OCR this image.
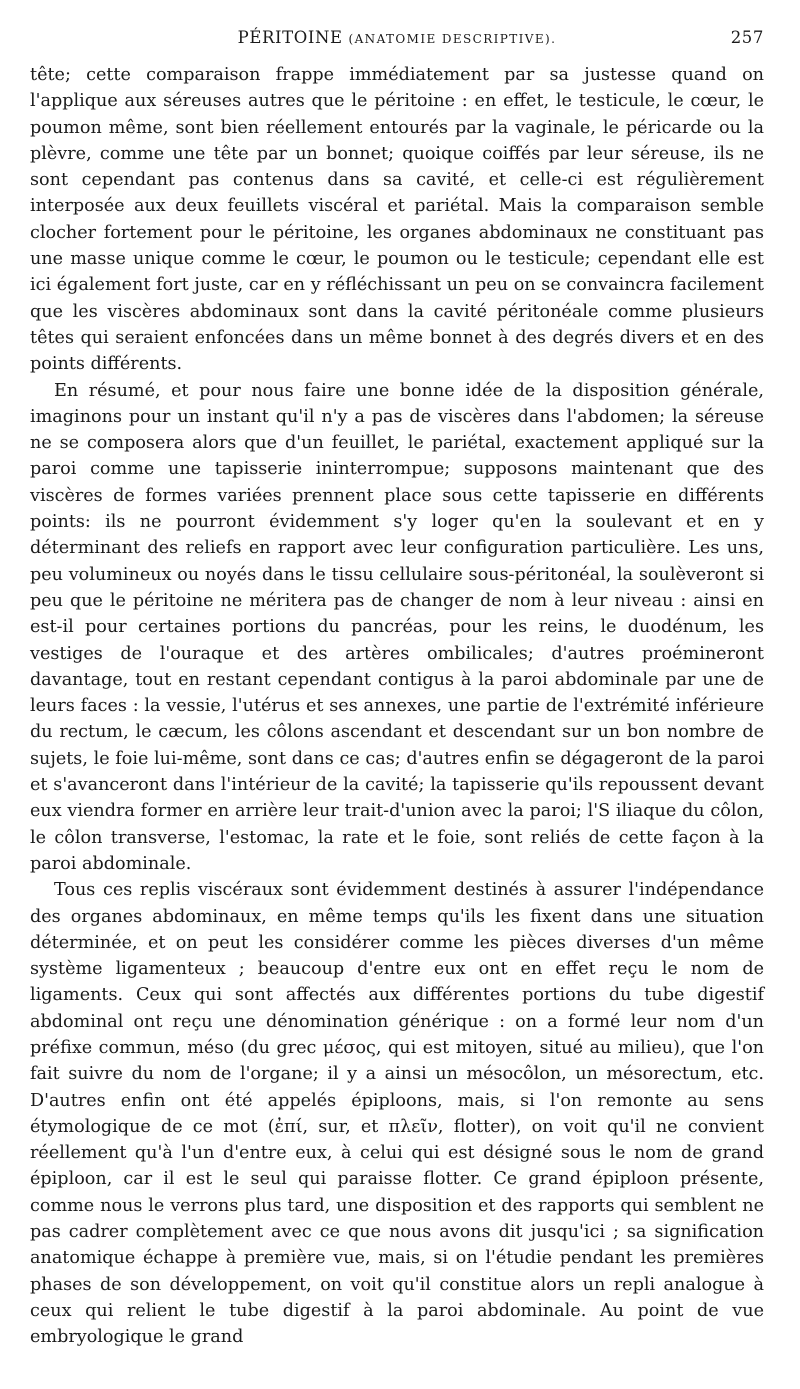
PÉRITOINE (ANATOMIE DESCRIPTIVE).	257

tête; cette comparaison frappe immédiatement par sa justesse quand on l'applique aux séreuses autres que le péritoine : en effet, le testicule, le cœur, le poumon même, sont bien réellement entourés par la vaginale, le péricarde ou la plèvre, comme une tête par un bonnet; quoique coiffés par leur séreuse, ils ne sont cependant pas contenus dans sa cavité, et celle-ci est régulièrement interposée aux deux feuillets viscéral et pariétal. Mais la comparaison semble clocher fortement pour le péritoine, les organes abdominaux ne constituant pas une masse unique comme le cœur, le poumon ou le testicule; cependant elle est ici également fort juste, car en y réfléchissant un peu on se convaincra facilement que les viscères abdominaux sont dans la cavité péritonéale comme plusieurs têtes qui seraient enfoncées dans un même bonnet à des degrés divers et en des points différents.

En résumé, et pour nous faire une bonne idée de la disposition générale, imaginons pour un instant qu'il n'y a pas de viscères dans l'abdomen; la séreuse ne se composera alors que d'un feuillet, le pariétal, exactement appliqué sur la paroi comme une tapisserie ininterrompue; supposons maintenant que des viscères de formes variées prennent place sous cette tapisserie en différents points: ils ne pourront évidemment s'y loger qu'en la soulevant et en y déterminant des reliefs en rapport avec leur configuration particulière. Les uns, peu volumineux ou noyés dans le tissu cellulaire sous-péritonéal, la soulèveront si peu que le péritoine ne méritera pas de changer de nom à leur niveau : ainsi en est-il pour certaines portions du pancréas, pour les reins, le duodénum, les vestiges de l'ouraque et des artères ombilicales; d'autres proémineront davantage, tout en restant cependant contigus à la paroi abdominale par une de leurs faces : la vessie, l'utérus et ses annexes, une partie de l'extrémité inférieure du rectum, le cæcum, les côlons ascendant et descendant sur un bon nombre de sujets, le foie lui-même, sont dans ce cas; d'autres enfin se dégageront de la paroi et s'avanceront dans l'intérieur de la cavité; la tapisserie qu'ils repoussent devant eux viendra former en arrière leur trait-d'union avec la paroi; l'S iliaque du côlon, le côlon transverse, l'estomac, la rate et le foie, sont reliés de cette façon à la paroi abdominale.

Tous ces replis viscéraux sont évidemment destinés à assurer l'indépendance des organes abdominaux, en même temps qu'ils les fixent dans une situation déterminée, et on peut les considérer comme les pièces diverses d'un même système ligamenteux ; beaucoup d'entre eux ont en effet reçu le nom de ligaments. Ceux qui sont affectés aux différentes portions du tube digestif abdominal ont reçu une dénomination générique : on a formé leur nom d'un préfixe commun, méso (du grec μέσος, qui est mitoyen, situé au milieu), que l'on fait suivre du nom de l'organe; il y a ainsi un mésocôlon, un mésorectum, etc. D'autres enfin ont été appelés épiploons, mais, si l'on remonte au sens étymologique de ce mot (ἐπί, sur, et πλεῖν, flotter), on voit qu'il ne convient réellement qu'à l'un d'entre eux, à celui qui est désigné sous le nom de grand épiploon, car il est le seul qui paraisse flotter. Ce grand épiploon présente, comme nous le verrons plus tard, une disposition et des rapports qui semblent ne pas cadrer complètement avec ce que nous avons dit jusqu'ici ; sa signification anatomique échappe à première vue, mais, si on l'étudie pendant les premières phases de son développement, on voit qu'il constitue alors un repli analogue à ceux qui relient le tube digestif à la paroi abdominale. Au point de vue embryologique le grand
